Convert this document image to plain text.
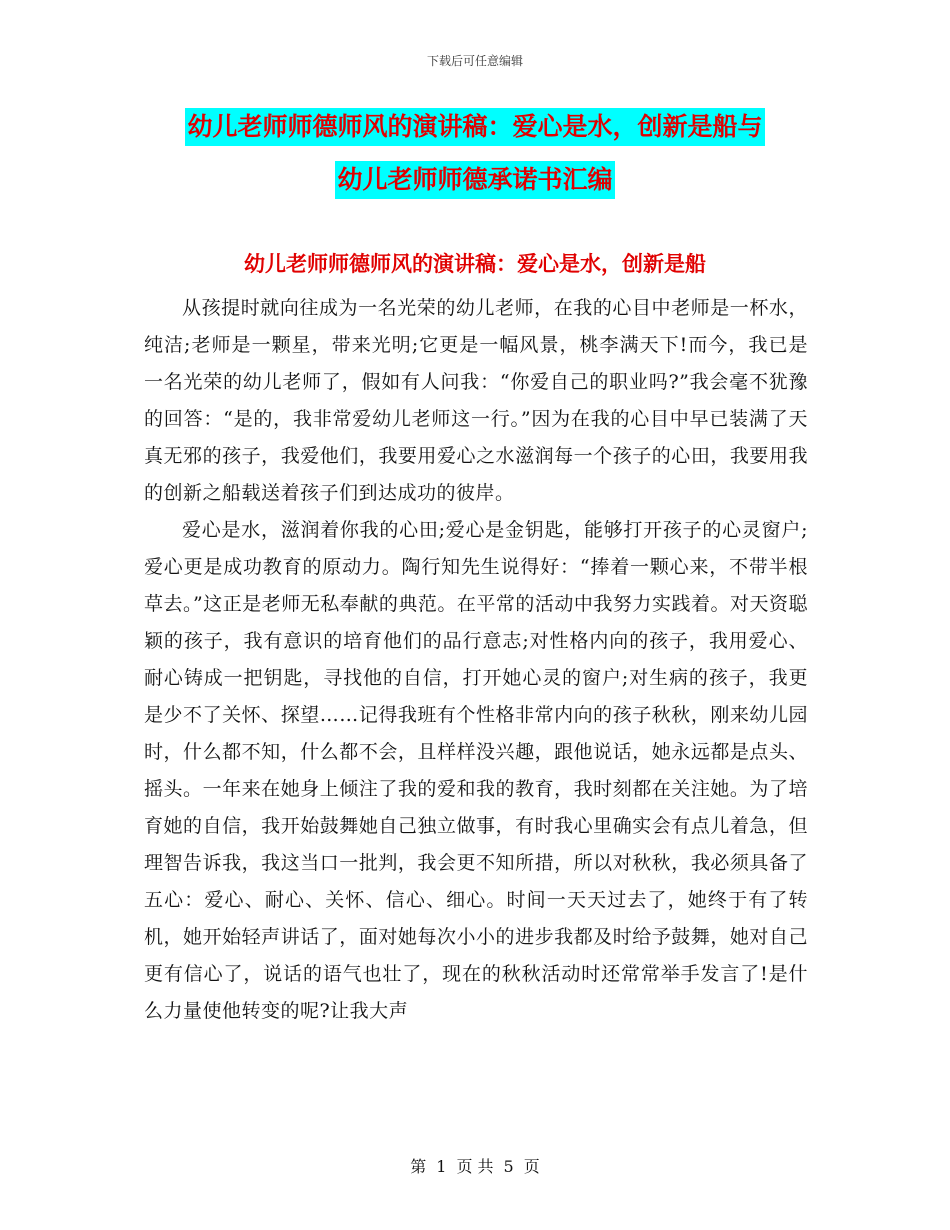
下载后可任意编辑
幼儿老师师德师风的演讲稿：爱心是水，创新是船与
幼儿老师师德承诺书汇编
幼儿老师师德师风的演讲稿：爱心是水，创新是船

从孩提时就向往成为一名光荣的幼儿老师，在我的心目中老师是一杯水，纯洁;老师是一颗星，带来光明;它更是一幅风景，桃李满天下!而今，我已是一名光荣的幼儿老师了，假如有人问我：“你爱自己的职业吗?”我会毫不犹豫的回答：“是的，我非常爱幼儿老师这一行。”因为在我的心目中早已装满了天真无邪的孩子，我爱他们，我要用爱心之水滋润每一个孩子的心田，我要用我的创新之船载送着孩子们到达成功的彼岸。

爱心是水，滋润着你我的心田;爱心是金钥匙，能够打开孩子的心灵窗户;爱心更是成功教育的原动力。陶行知先生说得好：“捧着一颗心来，不带半根草去。”这正是老师无私奉献的典范。在平常的活动中我努力实践着。对天资聪颖的孩子，我有意识的培育他们的品行意志;对性格内向的孩子，我用爱心、耐心铸成一把钥匙，寻找他的自信，打开她心灵的窗户;对生病的孩子，我更是少不了关怀、探望……记得我班有个性格非常内向的孩子秋秋，刚来幼儿园时，什么都不知，什么都不会，且样样没兴趣，跟他说话，她永远都是点头、摇头。一年来在她身上倾注了我的爱和我的教育，我时刻都在关注她。为了培育她的自信，我开始鼓舞她自己独立做事，有时我心里确实会有点儿着急，但理智告诉我，我这当口一批判，我会更不知所措，所以对秋秋，我必须具备了五心：爱心、耐心、关怀、信心、细心。时间一天天过去了，她终于有了转机，她开始轻声讲话了，面对她每次小小的进步我都及时给予鼓舞，她对自己更有信心了，说话的语气也壮了，现在的秋秋活动时还常常举手发言了!是什么力量使他转变的呢?让我大声

第 1 页 共 5 页
